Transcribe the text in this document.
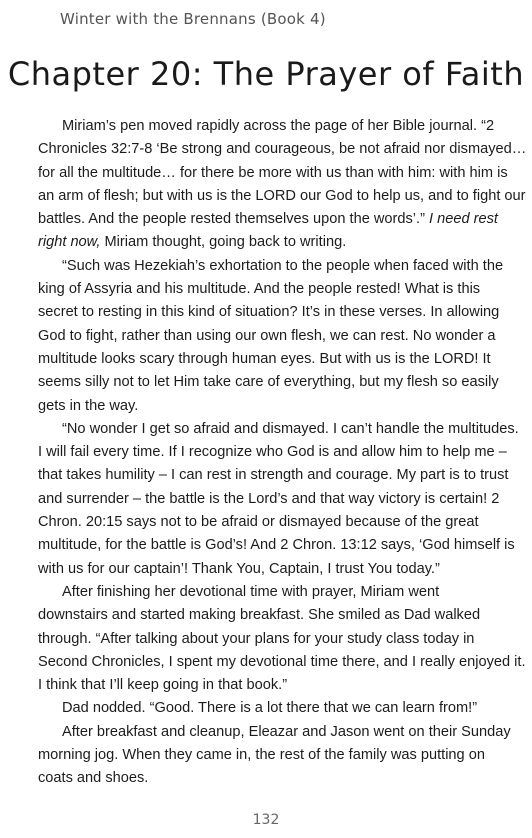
Winter with the Brennans (Book 4)
Chapter 20: The Prayer of Faith
Miriam’s pen moved rapidly across the page of her Bible journal. “2
Chronicles 32:7-8 ‘Be strong and courageous, be not afraid nor dismayed…
for all the multitude… for there be more with us than with him: with him is
an arm of flesh; but with us is the LORD our God to help us, and to fight our
battles. And the people rested themselves upon the words’.” I need rest
right now, Miriam thought, going back to writing.
“Such was Hezekiah’s exhortation to the people when faced with the
king of Assyria and his multitude. And the people rested! What is this
secret to resting in this kind of situation? It’s in these verses. In allowing
God to fight, rather than using our own flesh, we can rest. No wonder a
multitude looks scary through human eyes. But with us is the LORD! It
seems silly not to let Him take care of everything, but my flesh so easily
gets in the way.
“No wonder I get so afraid and dismayed. I can’t handle the multitudes.
I will fail every time. If I recognize who God is and allow him to help me –
that takes humility – I can rest in strength and courage. My part is to trust
and surrender – the battle is the Lord’s and that way victory is certain! 2
Chron. 20:15 says not to be afraid or dismayed because of the great
multitude, for the battle is God’s! And 2 Chron. 13:12 says, ‘God himself is
with us for our captain’! Thank You, Captain, I trust You today.”
After finishing her devotional time with prayer, Miriam went
downstairs and started making breakfast. She smiled as Dad walked
through. “After talking about your plans for your study class today in
Second Chronicles, I spent my devotional time there, and I really enjoyed it.
I think that I’ll keep going in that book.”
Dad nodded. “Good. There is a lot there that we can learn from!”
After breakfast and cleanup, Eleazar and Jason went on their Sunday
morning jog. When they came in, the rest of the family was putting on
coats and shoes.
132
